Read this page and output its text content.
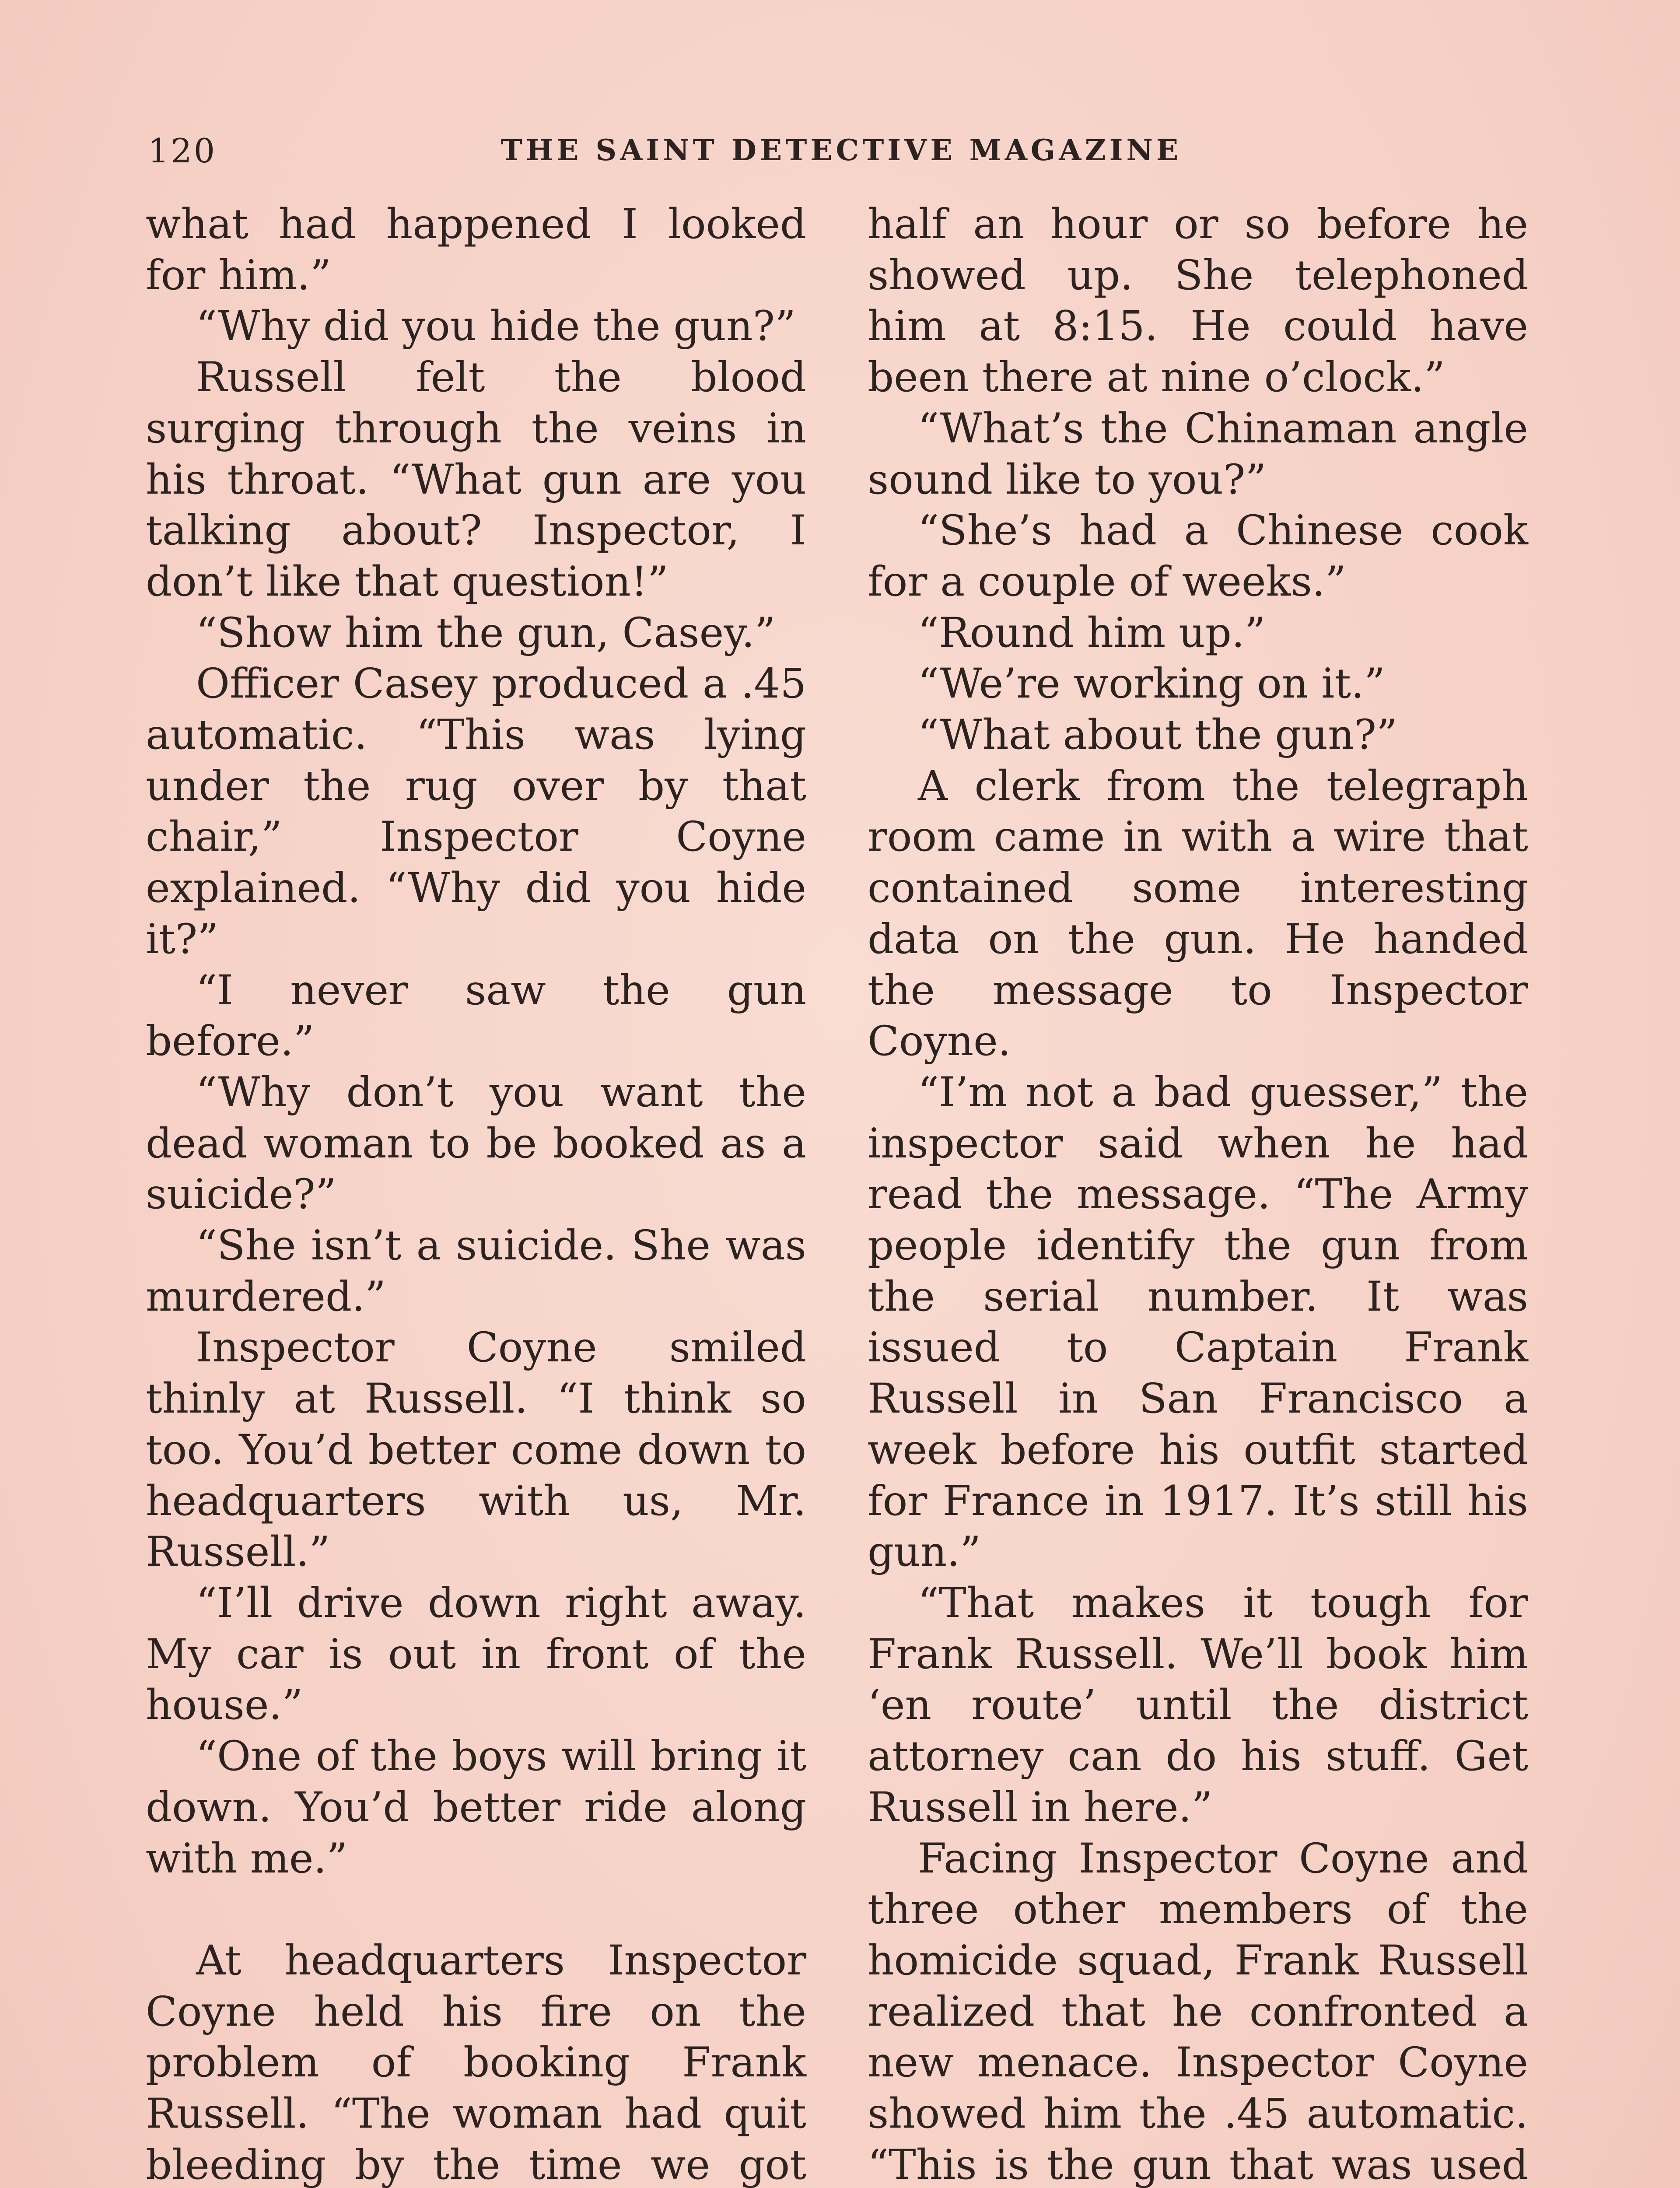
120	THE SAINT DETECTIVE MAGAZINE

what had happened I looked for him.”

“Why did you hide the gun?”

Russell felt the blood surging through the veins in his throat. “What gun are you talking about? Inspector, I don’t like that question!”

“Show him the gun, Casey.”

Officer Casey produced a .45 automatic. “This was lying under the rug over by that chair,” Inspector Coyne explained. “Why did you hide it?”

“I never saw the gun before.”

“Why don’t you want the dead woman to be booked as a suicide?”

“She isn’t a suicide. She was murdered.”

Inspector Coyne smiled thinly at Russell. “I think so too. You’d better come down to headquarters with us, Mr. Russell.”

“I’ll drive down right away. My car is out in front of the house.”

“One of the boys will bring it down. You’d better ride along with me.”

At headquarters Inspector Coyne held his fire on the problem of booking Frank Russell. “The woman had quit bleeding by the time we got

half an hour or so before he showed up. She telephoned him at 8:15. He could have been there at nine o’clock.”

“What’s the Chinaman angle sound like to you?”

“She’s had a Chinese cook for a couple of weeks.”

“Round him up.”

“We’re working on it.”

“What about the gun?”

A clerk from the telegraph room came in with a wire that contained some interesting data on the gun. He handed the message to Inspector Coyne.

“I’m not a bad guesser,” the inspector said when he had read the message. “The Army people identify the gun from the serial number. It was issued to Captain Frank Russell in San Francisco a week before his outfit started for France in 1917. It’s still his gun.”

“That makes it tough for Frank Russell. We’ll book him ‘en route’ until the district attorney can do his stuff. Get Russell in here.”

Facing Inspector Coyne and three other members of the homicide squad, Frank Russell realized that he confronted a new menace. Inspector Coyne showed him the .45 automatic. “This is the gun that was used
